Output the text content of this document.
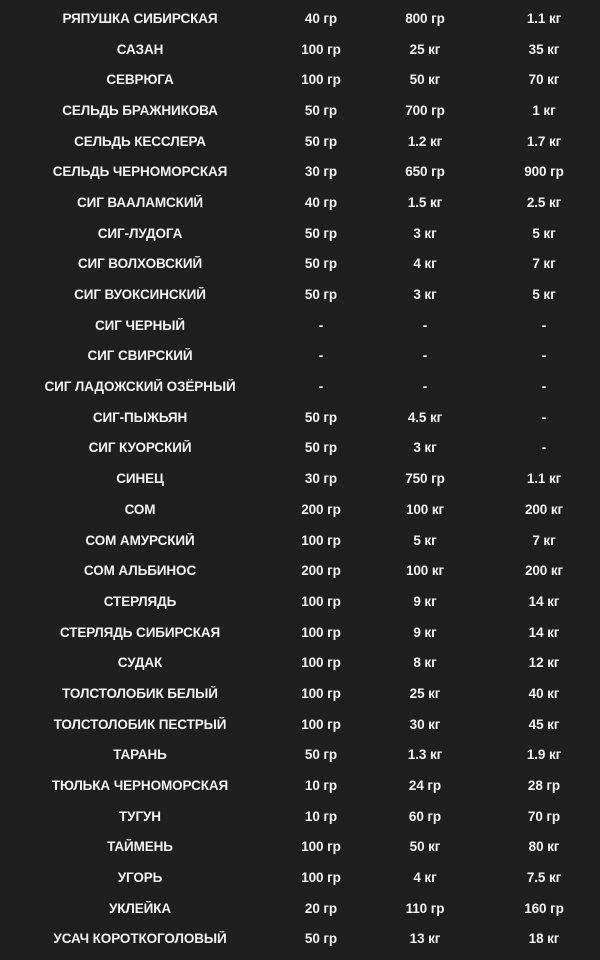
РЯПУШКА СИБИРСКАЯ	40 гр	800 гр	1.1 кг
САЗАН	100 гр	25 кг	35 кг
СЕВРЮГА	100 гр	50 кг	70 кг
СЕЛЬДЬ БРАЖНИКОВА	50 гр	700 гр	1 кг
СЕЛЬДЬ КЕССЛЕРА	50 гр	1.2 кг	1.7 кг
СЕЛЬДЬ ЧЕРНОМОРСКАЯ	30 гр	650 гр	900 гр
СИГ ВААЛАМСКИЙ	40 гр	1.5 кг	2.5 кг
СИГ-ЛУДОГА	50 гр	3 кг	5 кг
СИГ ВОЛХОВСКИЙ	50 гр	4 кг	7 кг
СИГ ВУОКСИНСКИЙ	50 гр	3 кг	5 кг
СИГ ЧЕРНЫЙ	-	-	-
СИГ СВИРСКИЙ	-	-	-
СИГ ЛАДОЖСКИЙ ОЗЁРНЫЙ	-	-	-
СИГ-ПЫЖЬЯН	50 гр	4.5 кг	-
СИГ КУОРСКИЙ	50 гр	3 кг	-
СИНЕЦ	30 гр	750 гр	1.1 кг
СОМ	200 гр	100 кг	200 кг
СОМ АМУРСКИЙ	100 гр	5 кг	7 кг
СОМ АЛЬБИНОС	200 гр	100 кг	200 кг
СТЕРЛЯДЬ	100 гр	9 кг	14 кг
СТЕРЛЯДЬ СИБИРСКАЯ	100 гр	9 кг	14 кг
СУДАК	100 гр	8 кг	12 кг
ТОЛСТОЛОБИК БЕЛЫЙ	100 гр	25 кг	40 кг
ТОЛСТОЛОБИК ПЕСТРЫЙ	100 гр	30 кг	45 кг
ТАРАНЬ	50 гр	1.3 кг	1.9 кг
ТЮЛЬКА ЧЕРНОМОРСКАЯ	10 гр	24 гр	28 гр
ТУГУН	10 гр	60 гр	70 гр
ТАЙМЕНЬ	100 гр	50 кг	80 кг
УГОРЬ	100 гр	4 кг	7.5 кг
УКЛЕЙКА	20 гр	110 гр	160 гр
УСАЧ КОРОТКОГОЛОВЫЙ	50 гр	13 кг	18 кг
